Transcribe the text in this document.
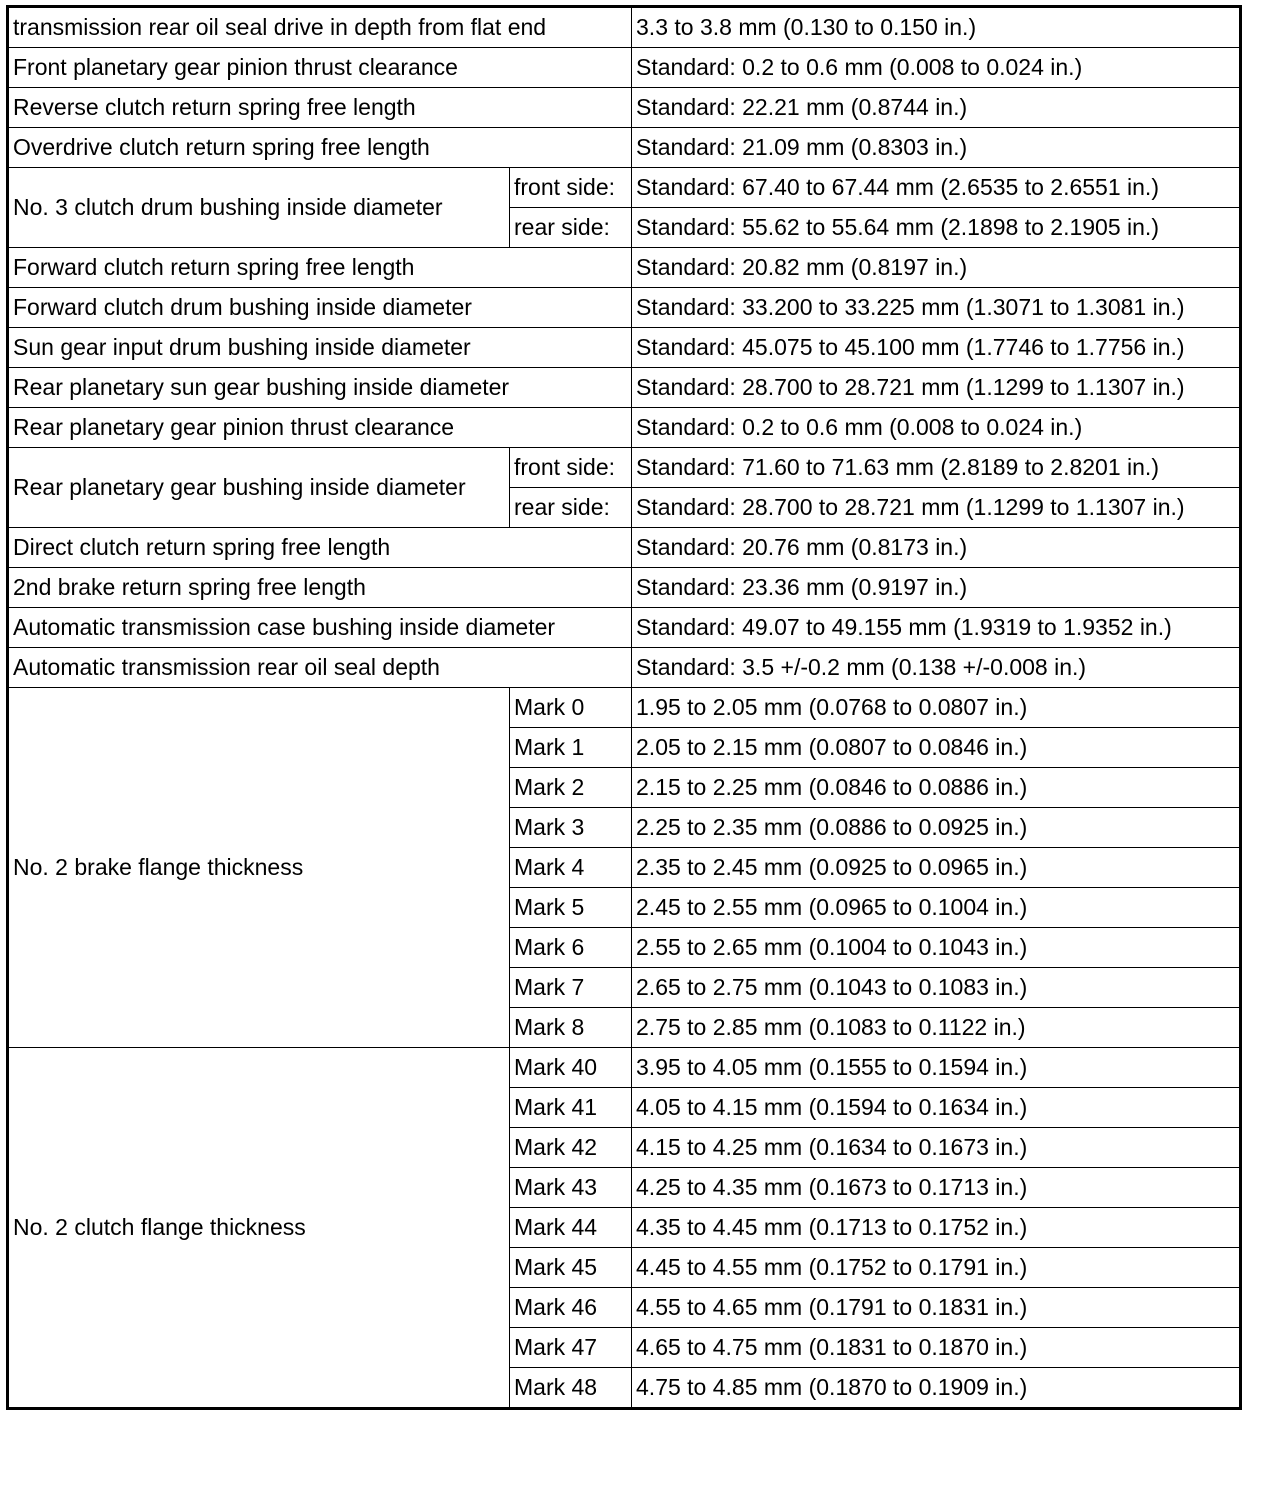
transmission rear oil seal drive in depth from flat end		3.3 to 3.8 mm (0.130 to 0.150 in.)
Front planetary gear pinion thrust clearance		Standard: 0.2 to 0.6 mm (0.008 to 0.024 in.)
Reverse clutch return spring free length		Standard: 22.21 mm (0.8744 in.)
Overdrive clutch return spring free length		Standard: 21.09 mm (0.8303 in.)
No. 3 clutch drum bushing inside diameter	front side:	Standard: 67.40 to 67.44 mm (2.6535 to 2.6551 in.)
	rear side:	Standard: 55.62 to 55.64 mm (2.1898 to 2.1905 in.)
Forward clutch return spring free length		Standard: 20.82 mm (0.8197 in.)
Forward clutch drum bushing inside diameter		Standard: 33.200 to 33.225 mm (1.3071 to 1.3081 in.)
Sun gear input drum bushing inside diameter		Standard: 45.075 to 45.100 mm (1.7746 to 1.7756 in.)
Rear planetary sun gear bushing inside diameter		Standard: 28.700 to 28.721 mm (1.1299 to 1.1307 in.)
Rear planetary gear pinion thrust clearance		Standard: 0.2 to 0.6 mm (0.008 to 0.024 in.)
Rear planetary gear bushing inside diameter	front side:	Standard: 71.60 to 71.63 mm (2.8189 to 2.8201 in.)
	rear side:	Standard: 28.700 to 28.721 mm (1.1299 to 1.1307 in.)
Direct clutch return spring free length		Standard: 20.76 mm (0.8173 in.)
2nd brake return spring free length		Standard: 23.36 mm (0.9197 in.)
Automatic transmission case bushing inside diameter		Standard: 49.07 to 49.155 mm (1.9319 to 1.9352 in.)
Automatic transmission rear oil seal depth		Standard: 3.5 +/-0.2 mm (0.138 +/-0.008 in.)
No. 2 brake flange thickness	Mark 0	1.95 to 2.05 mm (0.0768 to 0.0807 in.)
	Mark 1	2.05 to 2.15 mm (0.0807 to 0.0846 in.)
	Mark 2	2.15 to 2.25 mm (0.0846 to 0.0886 in.)
	Mark 3	2.25 to 2.35 mm (0.0886 to 0.0925 in.)
	Mark 4	2.35 to 2.45 mm (0.0925 to 0.0965 in.)
	Mark 5	2.45 to 2.55 mm (0.0965 to 0.1004 in.)
	Mark 6	2.55 to 2.65 mm (0.1004 to 0.1043 in.)
	Mark 7	2.65 to 2.75 mm (0.1043 to 0.1083 in.)
	Mark 8	2.75 to 2.85 mm (0.1083 to 0.1122 in.)
No. 2 clutch flange thickness	Mark 40	3.95 to 4.05 mm (0.1555 to 0.1594 in.)
	Mark 41	4.05 to 4.15 mm (0.1594 to 0.1634 in.)
	Mark 42	4.15 to 4.25 mm (0.1634 to 0.1673 in.)
	Mark 43	4.25 to 4.35 mm (0.1673 to 0.1713 in.)
	Mark 44	4.35 to 4.45 mm (0.1713 to 0.1752 in.)
	Mark 45	4.45 to 4.55 mm (0.1752 to 0.1791 in.)
	Mark 46	4.55 to 4.65 mm (0.1791 to 0.1831 in.)
	Mark 47	4.65 to 4.75 mm (0.1831 to 0.1870 in.)
	Mark 48	4.75 to 4.85 mm (0.1870 to 0.1909 in.)
